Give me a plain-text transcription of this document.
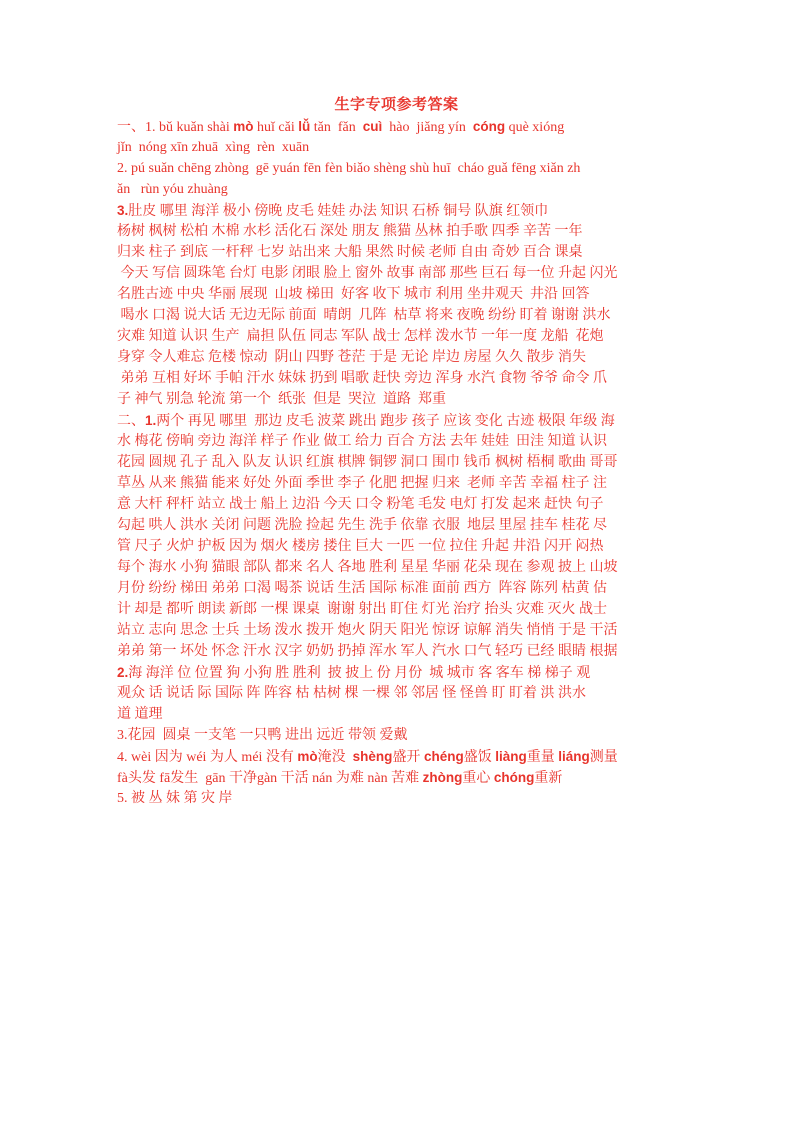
生字专项参考答案
一、1. bǔ kuǎn shài mò huǐ cǎi lǚ tǎn  fǎn  cuì  hào  jiǎng yín  cóng què xióng
jǐn  nóng xīn zhuā  xìng  rèn  xuān
2. pú suǎn chēng zhòng  gē yuán fēn fèn biǎo shèng shù huī  cháo guǎ fēng xiǎn zh
ǎn   rùn yóu zhuàng
3.肚皮 哪里 海洋 极小 傍晚 皮毛 娃娃 办法 知识 石桥 铜号 队旗 红领巾
杨树 枫树 松柏 木棉 水杉 活化石 深处 朋友 熊猫 丛林 拍手歌 四季 辛苦 一年
归来 柱子 到底 一杆秤 七岁 站出来 大船 果然 时候 老师 自由 奇妙 百合 课桌
今天 写信 圆珠笔 台灯 电影 闭眼 脸上 窗外 故事 南部 那些 巨石 每一位 升起 闪光
名胜古迹 中央 华丽 展现  山坡 梯田  好客 收下 城市 利用 坐井观天  井沿 回答
喝水 口渴 说大话 无边无际 前面  晴朗  几阵  枯草 将来 夜晚 纷纷 盯着 谢谢 洪水
灾难 知道 认识 生产  扁担 队伍 同志 军队 战士 怎样 泼水节 一年一度 龙船  花炮
身穿 令人难忘 危楼 惊动  阴山 四野 苍茫 于是 无论 岸边 房屋 久久 散步 消失
弟弟 互相 好坏 手帕 汗水 妹妹 扔到 唱歌 赶快 旁边 浑身 水汽 食物 爷爷 命令 爪
子 神气 别急 轮流 第一个  纸张  但是  哭泣  道路  郑重
二、1.两个 再见 哪里  那边 皮毛 波菜 跳出 跑步 孩子 应该 变化 古迹 极限 年级 海
水 梅花 傍晌 旁边 海洋 样子 作业 做工 给力 百合 方法 去年 娃娃  田洼 知道 认识
花园 圆规 孔子 乱入 队友 认识 红旗 棋牌 铜锣 洞口 围巾 钱币 枫树 梧桐 歌曲 哥哥
草丛 从来 熊猫 能来 好处 外面 季世 李子 化肥 把握 归来  老师 辛苦 幸福 柱子 注
意 大杆 秤杆 站立 战士 船上 边沿 今天 口令 粉笔 毛发 电灯 打发 起来 赶快 句子
勾起 哄人 洪水 关闭 问题 洗脸 捡起 先生 洗手 依靠 衣服  地层 里屋 挂车 桂花 尽
管 尺子 火炉 护板 因为 烟火 楼房 搂住 巨大 一匹 一位 拉住 升起 井沿 闪开 闷热
每个 海水 小狗 猫眼 部队 都来 名人 各地 胜利 星星 华丽 花朵 现在 参观 披上 山坡
月份 纷纷 梯田 弟弟 口渴 喝茶 说话 生活 国际 标准 面前 西方  阵容 陈列 枯黄 估
计 却是 都听 朗读 新郎 一棵 课桌  谢谢 射出 盯住 灯光 治疗 抬头 灾难 灭火 战士
站立 志向 思念 士兵 土场 泼水 拨开 炮火 阴天 阳光 惊讶 谅解 消失 悄悄 于是 干活
弟弟 第一 坏处 怀念 汗水 汉字 奶奶 扔掉 浑水 军人 汽水 口气 轻巧 已经 眼睛 根据
2.海 海洋 位 位置 狗 小狗 胜 胜利  披 披上 份 月份  城 城市 客 客车 梯 梯子 观
观众 话 说话 际 国际 阵 阵容 枯 枯树 棵 一棵 邻 邻居 怪 怪兽 盯 盯着 洪 洪水
道 道理
3.花园  圆桌 一支笔 一只鸭 进出 远近 带领 爱戴
4. wèi 因为 wéi 为人 méi 没有 mò淹没  shèng盛开 chéng盛饭 liàng重量 liáng测量
fà头发 fā发生  gān 干净gàn 干活 nán 为难 nàn 苦难 zhòng重心 chóng重新
5. 被 丛 妹 第 灾 岸
